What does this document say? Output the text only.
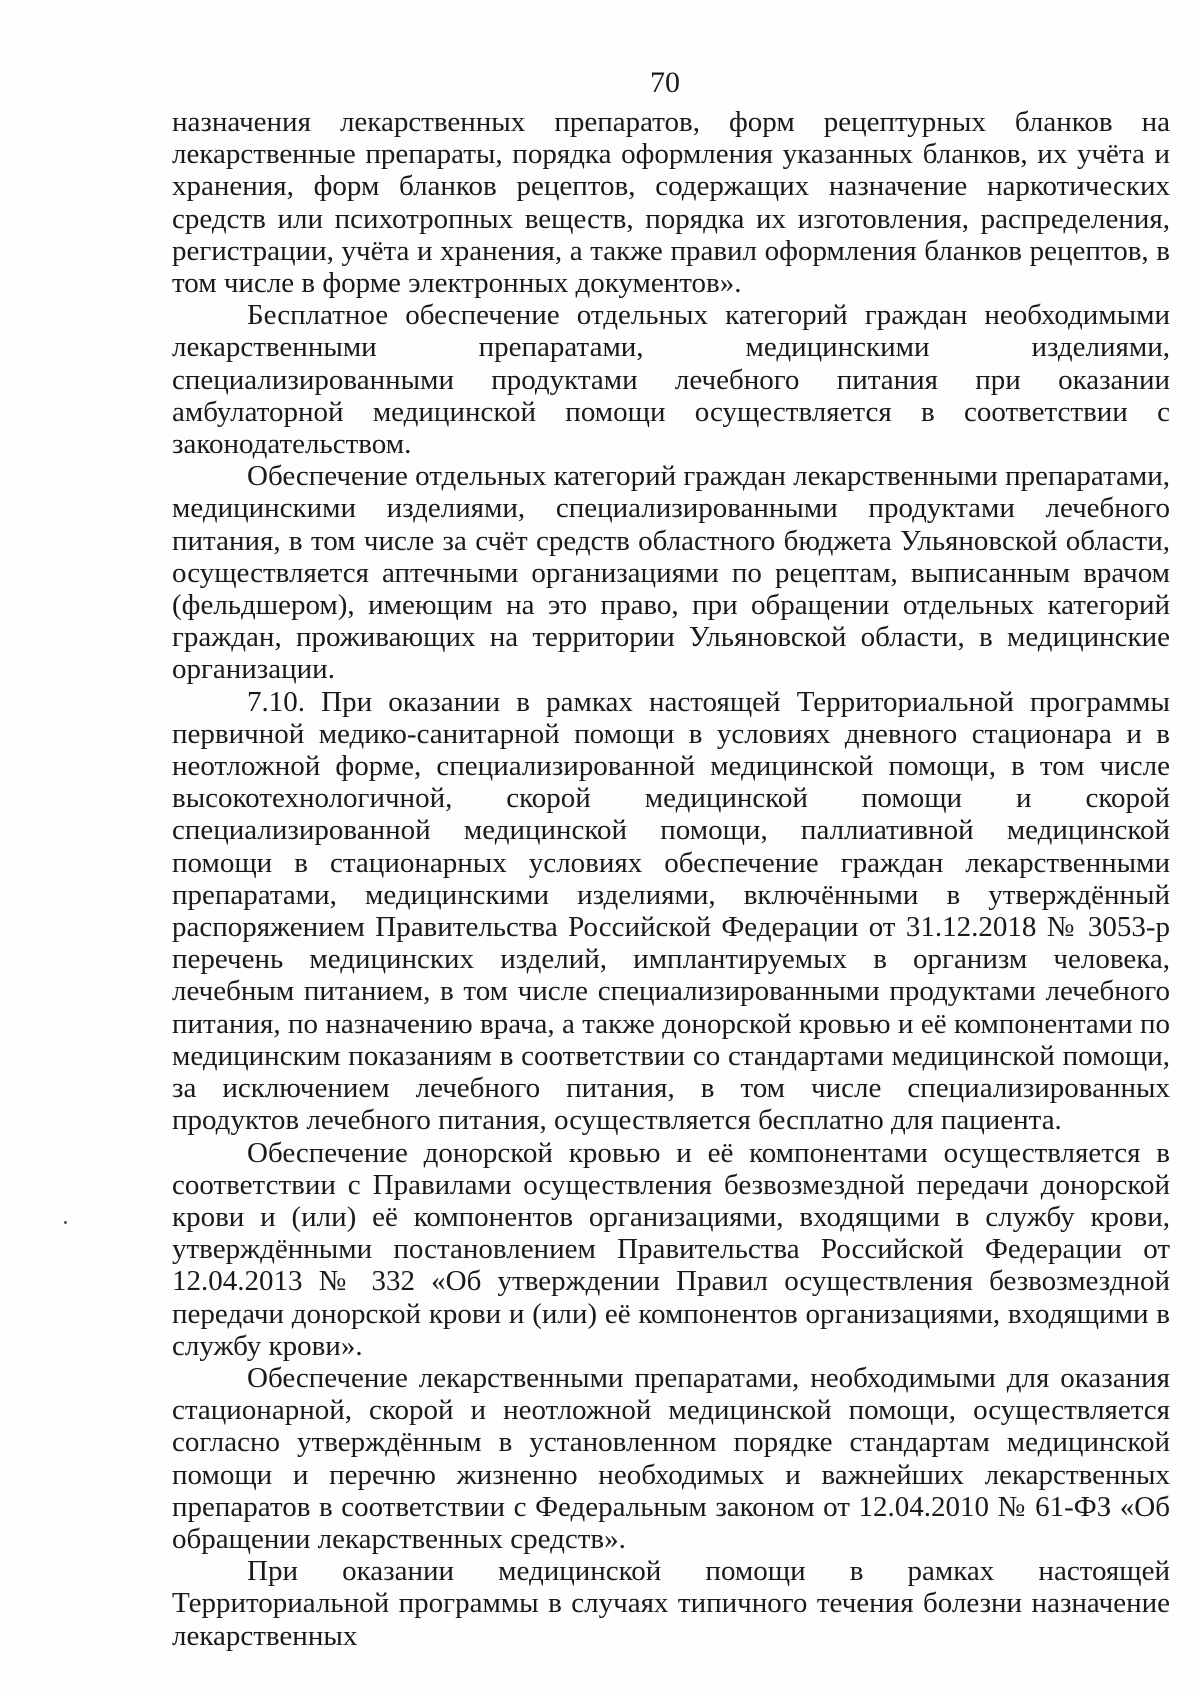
70

назначения лекарственных препаратов, форм рецептурных бланков на лекарственные препараты, порядка оформления указанных бланков, их учёта и хранения, форм бланков рецептов, содержащих назначение наркотических средств или психотропных веществ, порядка их изготовления, распределения, регистрации, учёта и хранения, а также правил оформления бланков рецептов, в том числе в форме электронных документов».

Бесплатное обеспечение отдельных категорий граждан необходимыми лекарственными препаратами, медицинскими изделиями, специализированными продуктами лечебного питания при оказании амбулаторной медицинской помощи осуществляется в соответствии с законодательством.

Обеспечение отдельных категорий граждан лекарственными препаратами, медицинскими изделиями, специализированными продуктами лечебного питания, в том числе за счёт средств областного бюджета Ульяновской области, осуществляется аптечными организациями по рецептам, выписанным врачом (фельдшером), имеющим на это право, при обращении отдельных категорий граждан, проживающих на территории Ульяновской области, в медицинские организации.

7.10. При оказании в рамках настоящей Территориальной программы первичной медико-санитарной помощи в условиях дневного стационара и в неотложной форме, специализированной медицинской помощи, в том числе высокотехнологичной, скорой медицинской помощи и скорой специализированной медицинской помощи, паллиативной медицинской помощи в стационарных условиях обеспечение граждан лекарственными препаратами, медицинскими изделиями, включёнными в утверждённый распоряжением Правительства Российской Федерации от 31.12.2018 № 3053-р перечень медицинских изделий, имплантируемых в организм человека, лечебным питанием, в том числе специализированными продуктами лечебного питания, по назначению врача, а также донорской кровью и её компонентами по медицинским показаниям в соответствии со стандартами медицинской помощи, за исключением лечебного питания, в том числе специализированных продуктов лечебного питания, осуществляется бесплатно для пациента.

Обеспечение донорской кровью и её компонентами осуществляется в соответствии с Правилами осуществления безвозмездной передачи донорской крови и (или) её компонентов организациями, входящими в службу крови, утверждёнными постановлением Правительства Российской Федерации от 12.04.2013 № 332 «Об утверждении Правил осуществления безвозмездной передачи донорской крови и (или) её компонентов организациями, входящими в службу крови».

Обеспечение лекарственными препаратами, необходимыми для оказания стационарной, скорой и неотложной медицинской помощи, осуществляется согласно утверждённым в установленном порядке стандартам медицинской помощи и перечню жизненно необходимых и важнейших лекарственных препаратов в соответствии с Федеральным законом от 12.04.2010 № 61-ФЗ «Об обращении лекарственных средств».

При оказании медицинской помощи в рамках настоящей Территориальной программы в случаях типичного течения болезни назначение лекарственных
